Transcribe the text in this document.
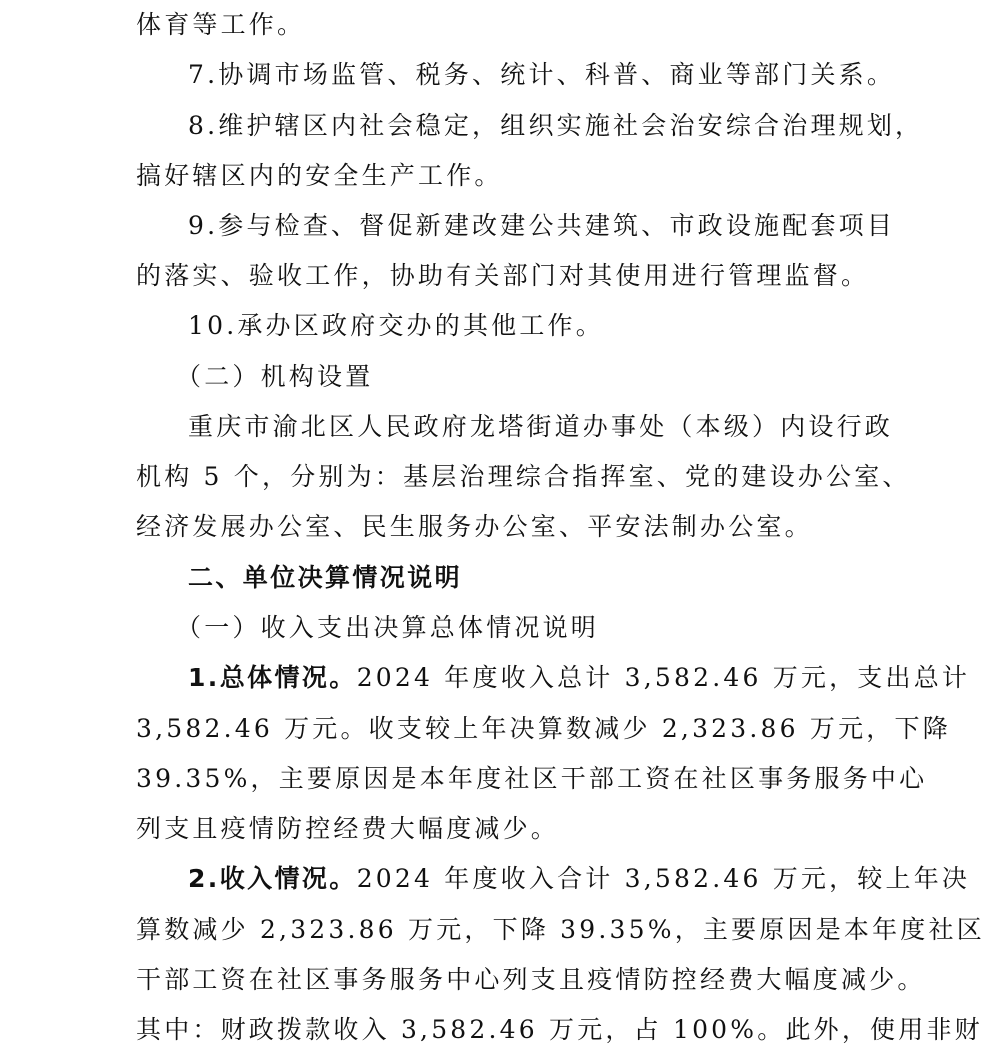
体育等工作。
7.协调市场监管、税务、统计、科普、商业等部门关系。
8.维护辖区内社会稳定，组织实施社会治安综合治理规划，
搞好辖区内的安全生产工作。
9.参与检查、督促新建改建公共建筑、市政设施配套项目
的落实、验收工作，协助有关部门对其使用进行管理监督。
10.承办区政府交办的其他工作。
（二）机构设置
重庆市渝北区人民政府龙塔街道办事处（本级）内设行政
机构 5 个，分别为：基层治理综合指挥室、党的建设办公室、
经济发展办公室、民生服务办公室、平安法制办公室。
二、单位决算情况说明
（一）收入支出决算总体情况说明
1.总体情况。2024 年度收入总计 3,582.46 万元，支出总计
3,582.46 万元。收支较上年决算数减少 2,323.86 万元，下降
39.35%，主要原因是本年度社区干部工资在社区事务服务中心
列支且疫情防控经费大幅度减少。
2.收入情况。2024 年度收入合计 3,582.46 万元，较上年决
算数减少 2,323.86 万元，下降 39.35%，主要原因是本年度社区
干部工资在社区事务服务中心列支且疫情防控经费大幅度减少。
其中：财政拨款收入 3,582.46 万元，占 100%。此外，使用非财
